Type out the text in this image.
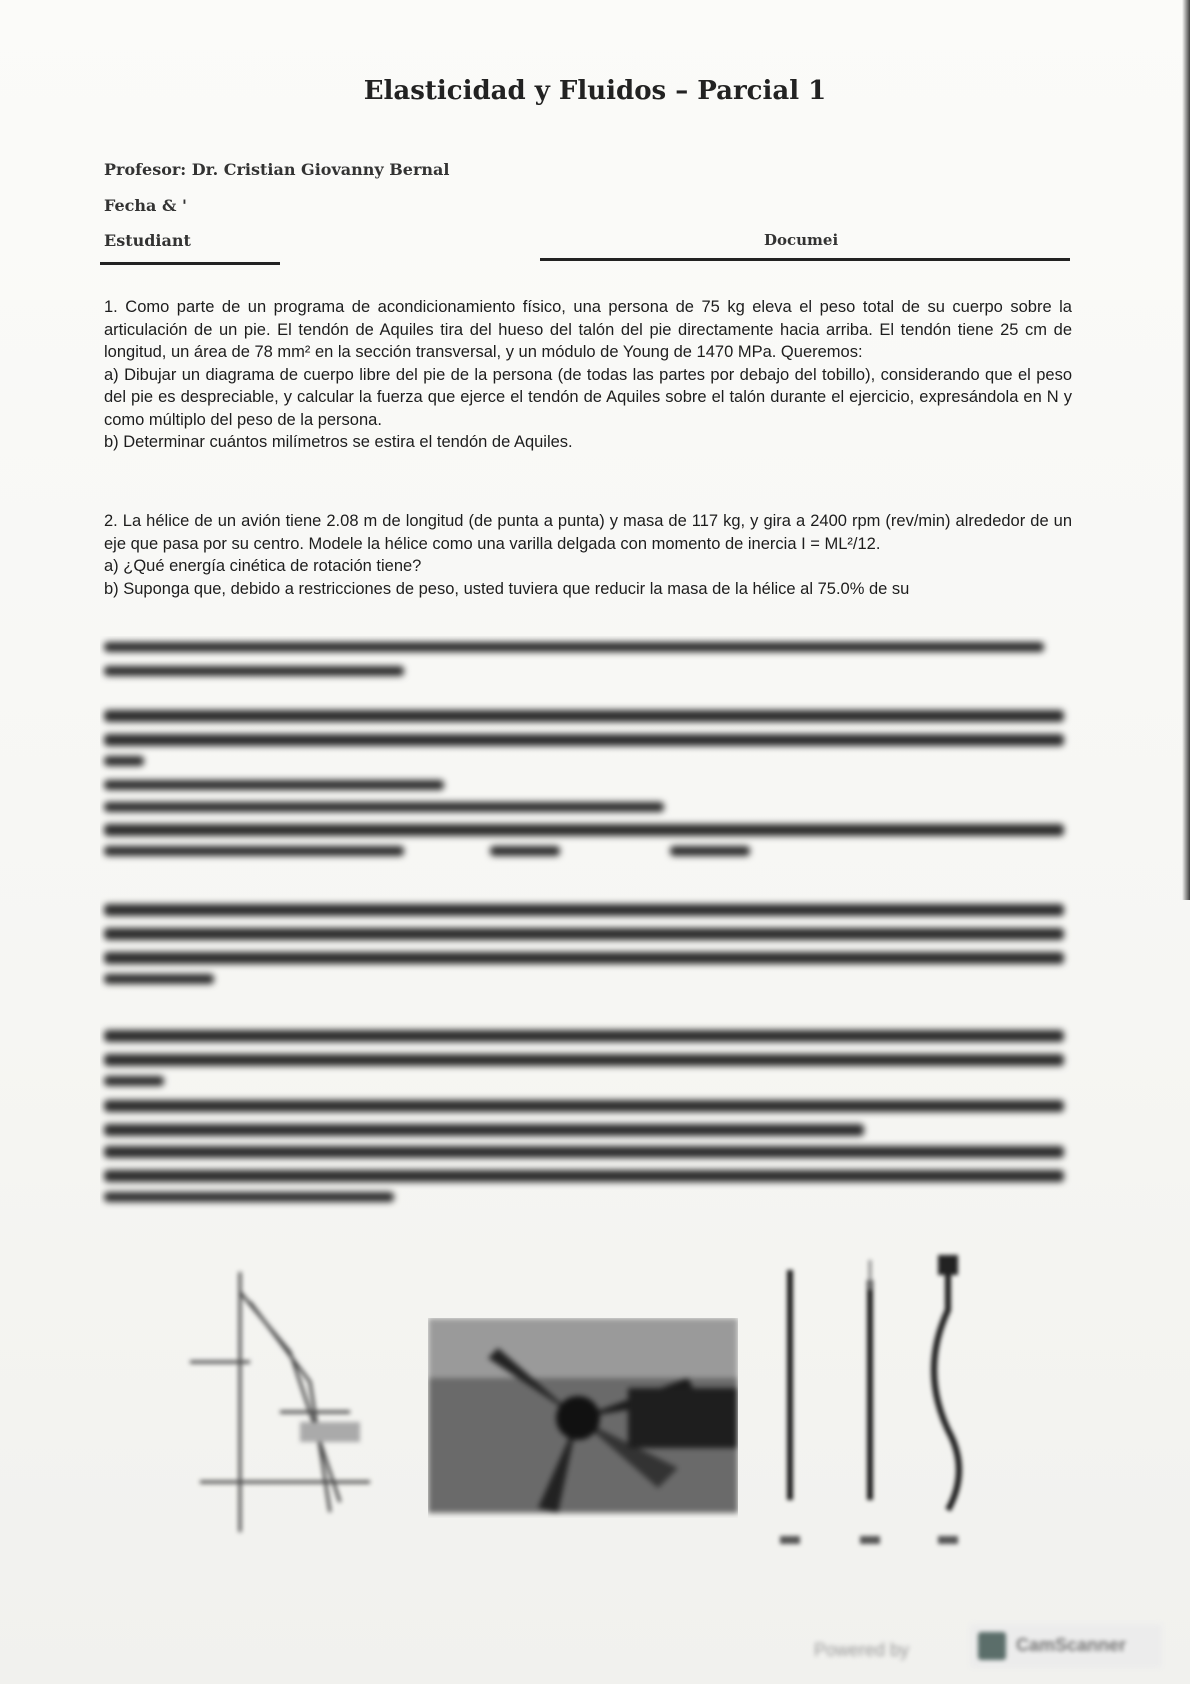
Elasticidad y Fluidos – Parcial 1
Profesor: Dr. Cristian Giovanny Bernal
Fecha & '
Estudiant	Documei

1. Como parte de un programa de acondicionamiento físico, una persona de 75 kg eleva el peso total de su cuerpo sobre la articulación de un pie. El tendón de Aquiles tira del hueso del talón del pie directamente hacia arriba. El tendón tiene 25 cm de longitud, un área de 78 mm² en la sección transversal, y un módulo de Young de 1470 MPa. Queremos:

a) Dibujar un diagrama de cuerpo libre del pie de la persona (de todas las partes por debajo del tobillo), considerando que el peso del pie es despreciable, y calcular la fuerza que ejerce el tendón de Aquiles sobre el talón durante el ejercicio, expresándola en N y como múltiplo del peso de la persona.

b) Determinar cuántos milímetros se estira el tendón de Aquiles.

2. La hélice de un avión tiene 2.08 m de longitud (de punta a punta) y masa de 117 kg, y gira a 2400 rpm (rev/min) alrededor de un eje que pasa por su centro. Modele la hélice como una varilla delgada con momento de inercia I = ML²/12.

a) ¿Qué energía cinética de rotación tiene?

b) Suponga que, debido a restricciones de peso, usted tuviera que reducir la masa de la hélice al 75.0% de su

Powered by	CamScanner
